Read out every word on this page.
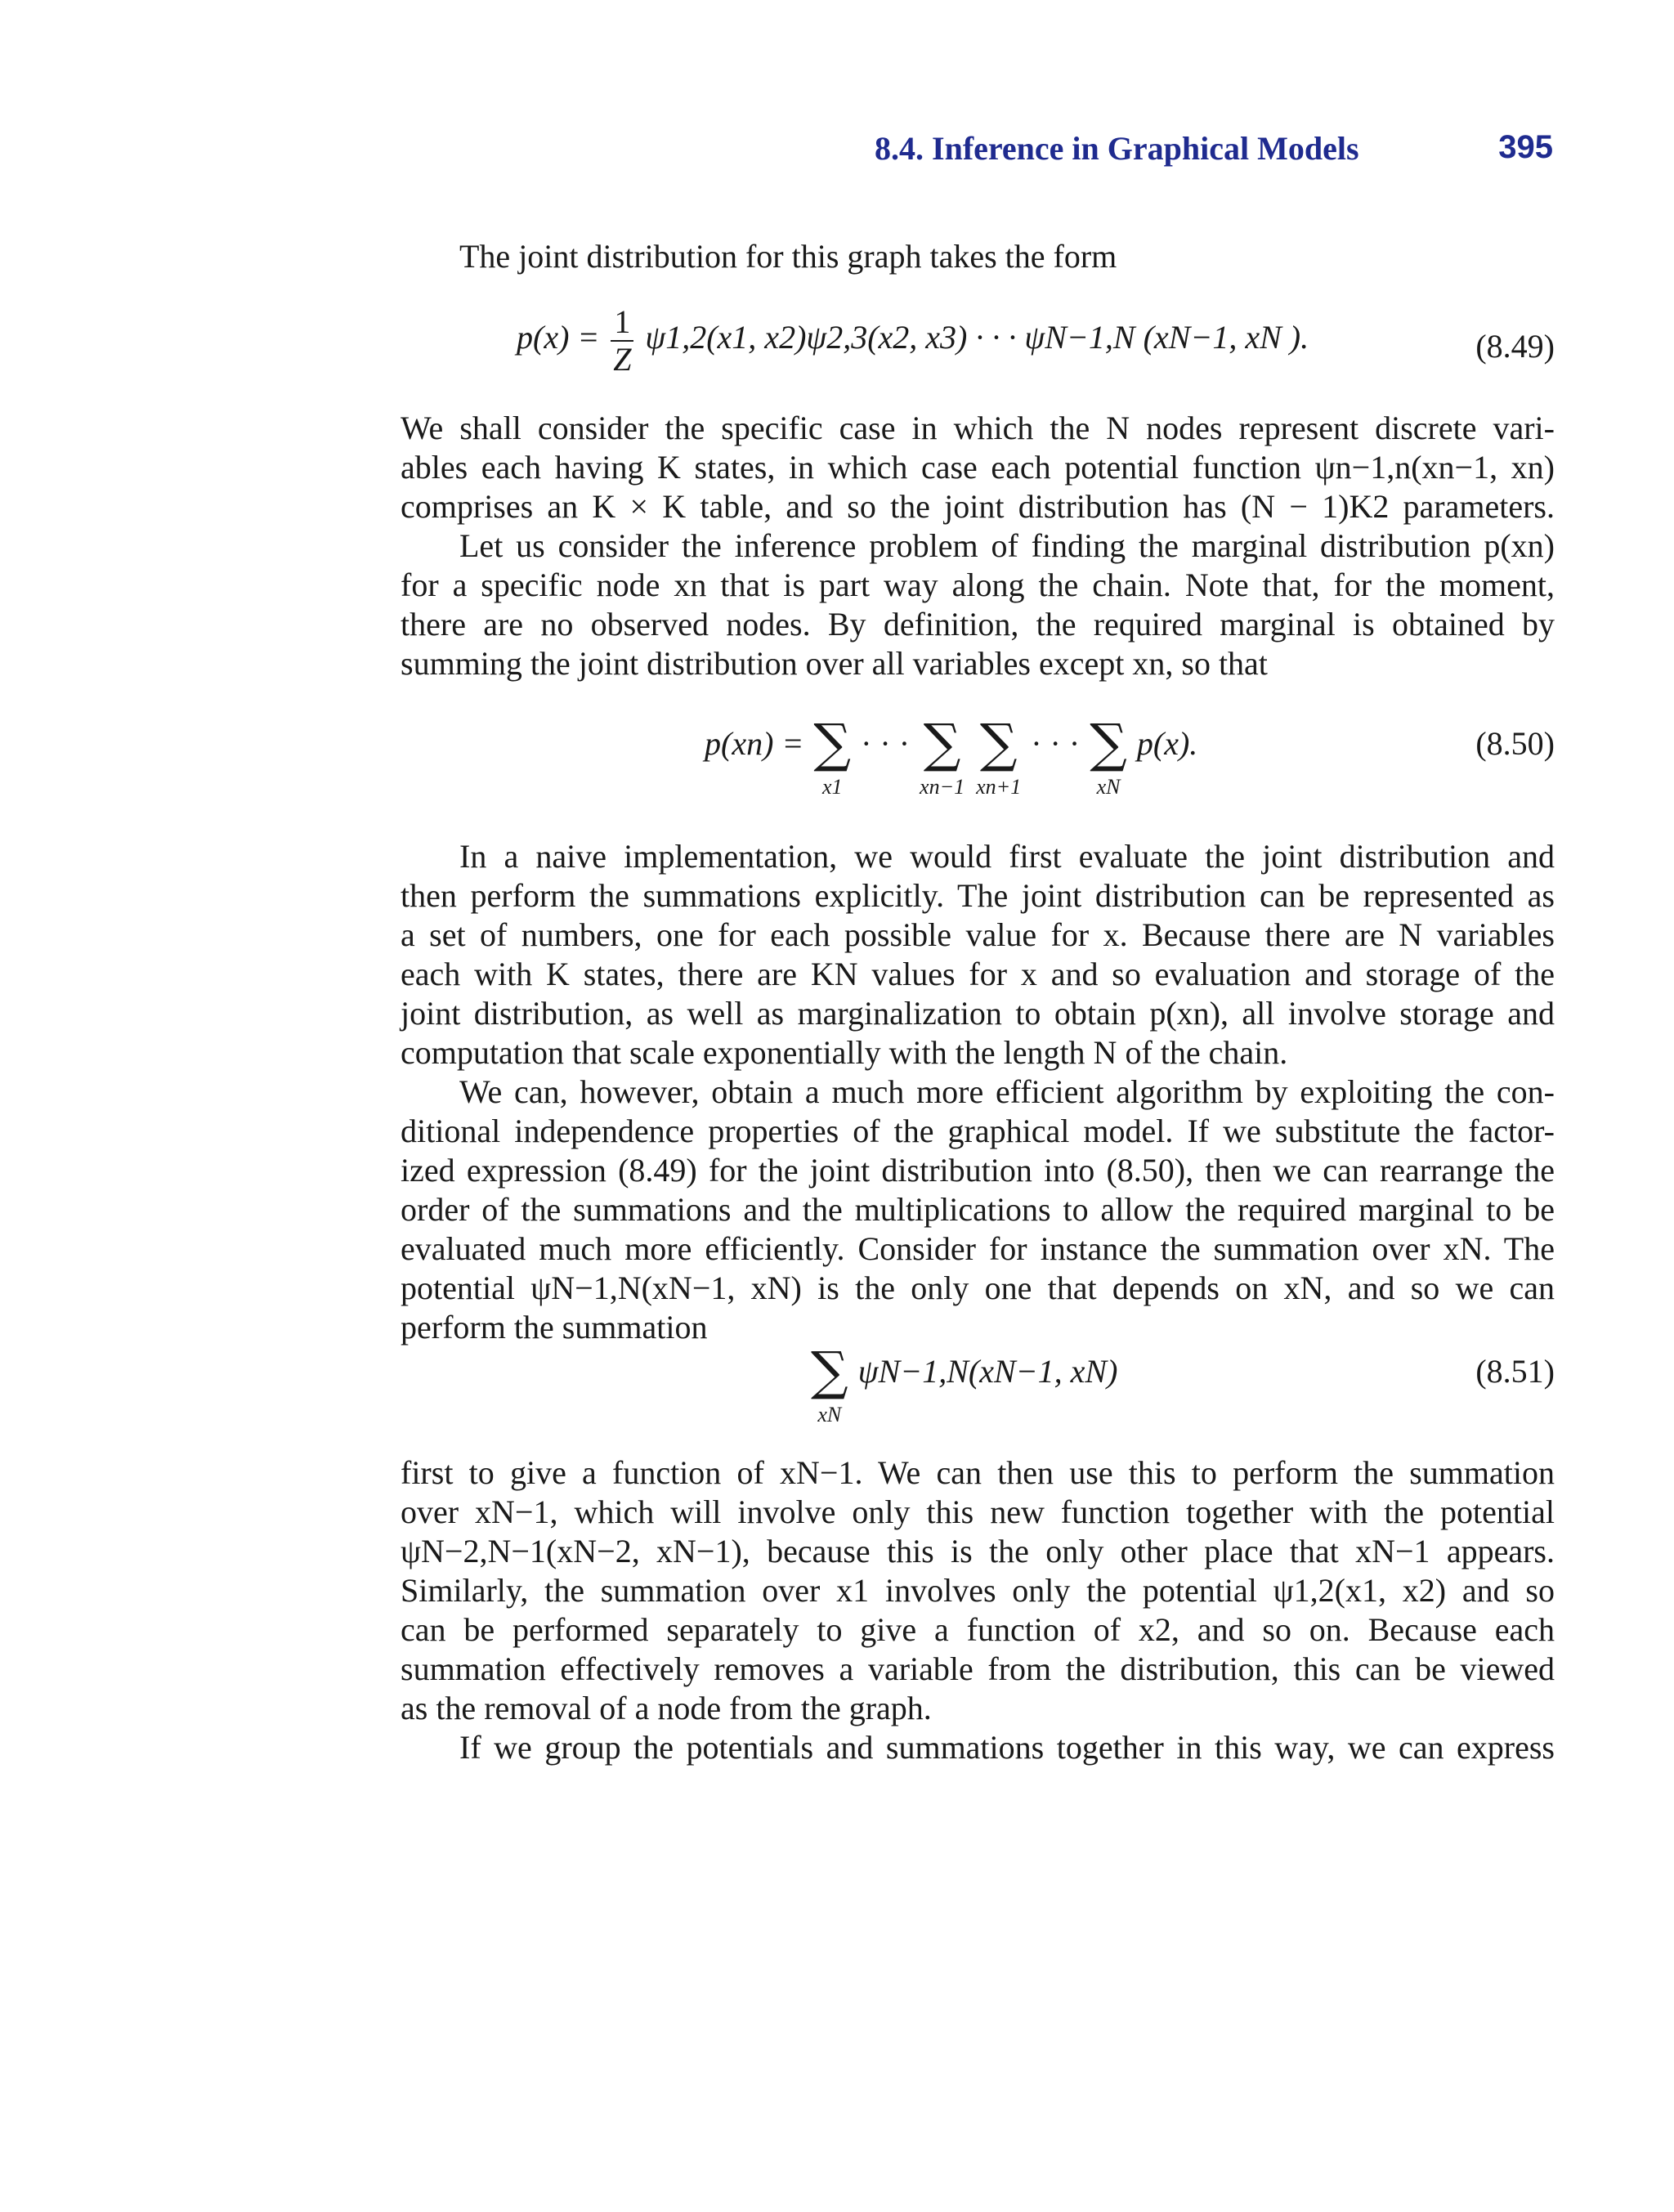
8.4. Inference in Graphical Models	395
The joint distribution for this graph takes the form
$p(x) = \frac{1}{Z} \psi 1,2(x1$, x2)ψ2,3(x2, x3) · · · ψN−1,N (xN−1, xN ).	(8.49)
We shall consider the specific case in which the N nodes represent discrete vari-
ables each having K states, in which case each potential function ψn−1,n(xn−1, xn)
comprises an K × K table, and so the joint distribution has (N − 1)K2 parameters.
Let us consider the inference problem of finding the marginal distribution p(xn)
for a specific node xn that is part way along the chain. Note that, for the moment,
there are no observed nodes. By definition, the required marginal is obtained by
summing the joint distribution over all variables except xn, so that
p(xn) = ∑
x1
· · · ∑
xn−1

∑
xn+1
· · · ∑
xN
p(x).	(8.50)
In a naive implementation, we would first evaluate the joint distribution and
then perform the summations explicitly. The joint distribution can be represented as
a set of numbers, one for each possible value for x. Because there are N variables
each with K states, there are KN values for x and so evaluation and storage of the
joint distribution, as well as marginalization to obtain p(xn), all involve storage and
computation that scale exponentially with the length N of the chain.
We can, however, obtain a much more efficient algorithm by exploiting the con-
ditional independence properties of the graphical model. If we substitute the factor-
ized expression (8.49) for the joint distribution into (8.50), then we can rearrange the
order of the summations and the multiplications to allow the required marginal to be
evaluated much more efficiently. Consider for instance the summation over xN. The
potential ψN−1,N(xN−1, xN) is the only one that depends on xN, and so we can
perform the summation
∑
xN
ψN−1,N(xN−1, xN)	(8.51)
first to give a function of xN−1. We can then use this to perform the summation
over xN−1, which will involve only this new function together with the potential
ψN−2,N−1(xN−2, xN−1), because this is the only other place that xN−1 appears.
Similarly, the summation over x1 involves only the potential ψ1,2(x1, x2) and so
can be performed separately to give a function of x2, and so on. Because each
summation effectively removes a variable from the distribution, this can be viewed
as the removal of a node from the graph.
If we group the potentials and summations together in this way, we can express
